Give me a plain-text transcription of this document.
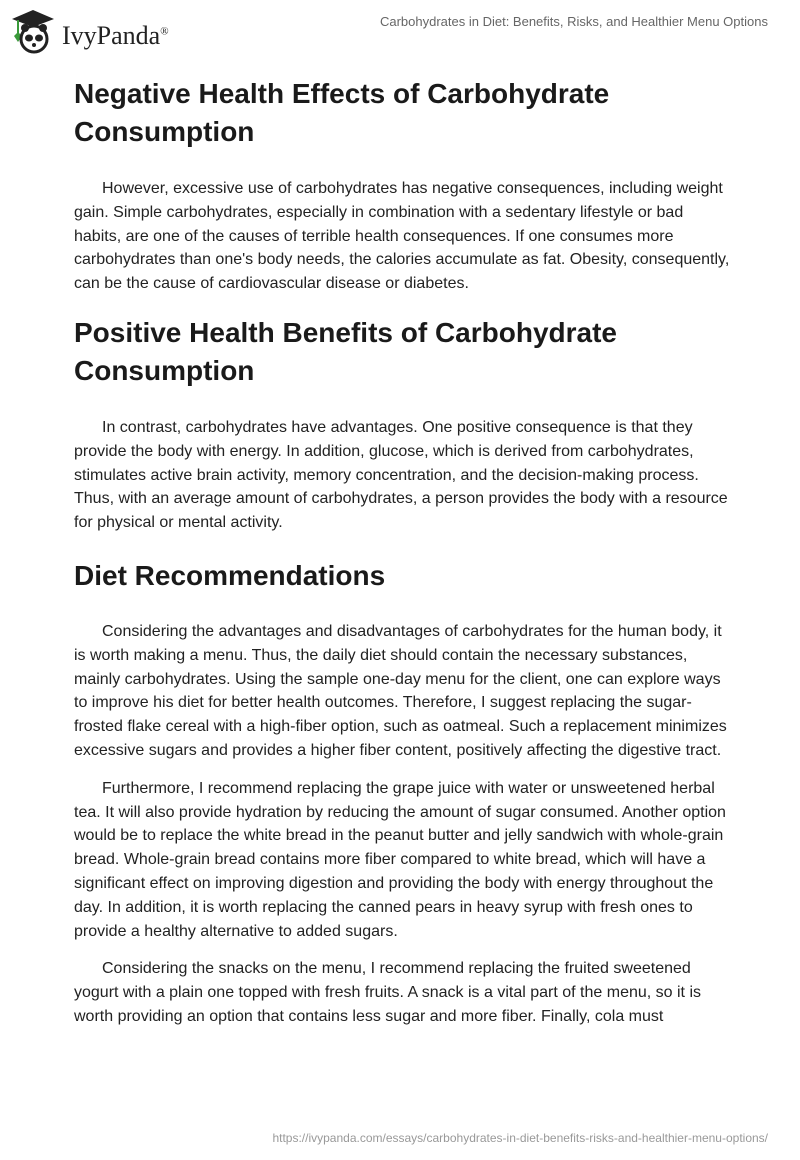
IvyPanda®
Carbohydrates in Diet: Benefits, Risks, and Healthier Menu Options
Negative Health Effects of Carbohydrate Consumption

However, excessive use of carbohydrates has negative consequences, including weight gain. Simple carbohydrates, especially in combination with a sedentary lifestyle or bad habits, are one of the causes of terrible health consequences. If one consumes more carbohydrates than one's body needs, the calories accumulate as fat. Obesity, consequently, can be the cause of cardiovascular disease or diabetes.

Positive Health Benefits of Carbohydrate Consumption

In contrast, carbohydrates have advantages. One positive consequence is that they provide the body with energy. In addition, glucose, which is derived from carbohydrates, stimulates active brain activity, memory concentration, and the decision-making process. Thus, with an average amount of carbohydrates, a person provides the body with a resource for physical or mental activity.

Diet Recommendations

Considering the advantages and disadvantages of carbohydrates for the human body, it is worth making a menu. Thus, the daily diet should contain the necessary substances, mainly carbohydrates. Using the sample one-day menu for the client, one can explore ways to improve his diet for better health outcomes. Therefore, I suggest replacing the sugar-frosted flake cereal with a high-fiber option, such as oatmeal. Such a replacement minimizes excessive sugars and provides a higher fiber content, positively affecting the digestive tract.

Furthermore, I recommend replacing the grape juice with water or unsweetened herbal tea. It will also provide hydration by reducing the amount of sugar consumed. Another option would be to replace the white bread in the peanut butter and jelly sandwich with whole-grain bread. Whole-grain bread contains more fiber compared to white bread, which will have a significant effect on improving digestion and providing the body with energy throughout the day. In addition, it is worth replacing the canned pears in heavy syrup with fresh ones to provide a healthy alternative to added sugars.

Considering the snacks on the menu, I recommend replacing the fruited sweetened yogurt with a plain one topped with fresh fruits. A snack is a vital part of the menu, so it is worth providing an option that contains less sugar and more fiber. Finally, cola must

https://ivypanda.com/essays/carbohydrates-in-diet-benefits-risks-and-healthier-menu-options/
